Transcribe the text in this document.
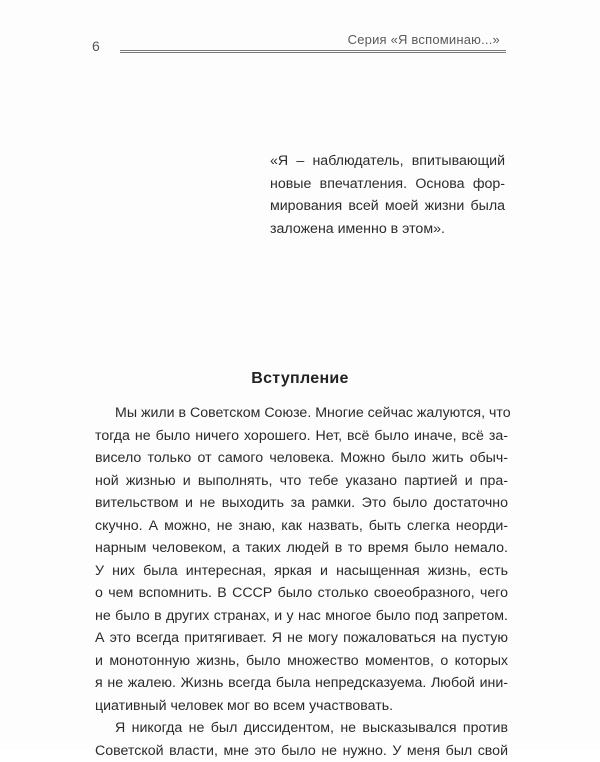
6	Серия «Я вспоминаю...»
«Я – наблюдатель, впитывающий
новые впечатления. Основа фор-
мирования всей моей жизни была
заложена именно в этом».
Вступление
Мы жили в Советском Союзе. Многие сейчас жалуются, что
тогда не было ничего хорошего. Нет, всё было иначе, всё за-
висело только от самого человека. Можно было жить обыч-
ной жизнью и выполнять, что тебе указано партией и пра-
вительством и не выходить за рамки. Это было достаточно
скучно. А можно, не знаю, как назвать, быть слегка неорди-
нарным человеком, а таких людей в то время было немало.
У них была интересная, яркая и насыщенная жизнь, есть
о чем вспомнить. В СССР было столько своеобразного, чего
не было в других странах, и у нас многое было под запретом.
А это всегда притягивает. Я не могу пожаловаться на пустую
и монотонную жизнь, было множество моментов, о которых
я не жалею. Жизнь всегда была непредсказуема. Любой ини-
циативный человек мог во всем участвовать.
Я никогда не был диссидентом, не высказывался против
Советской власти, мне это было не нужно. У меня был свой
